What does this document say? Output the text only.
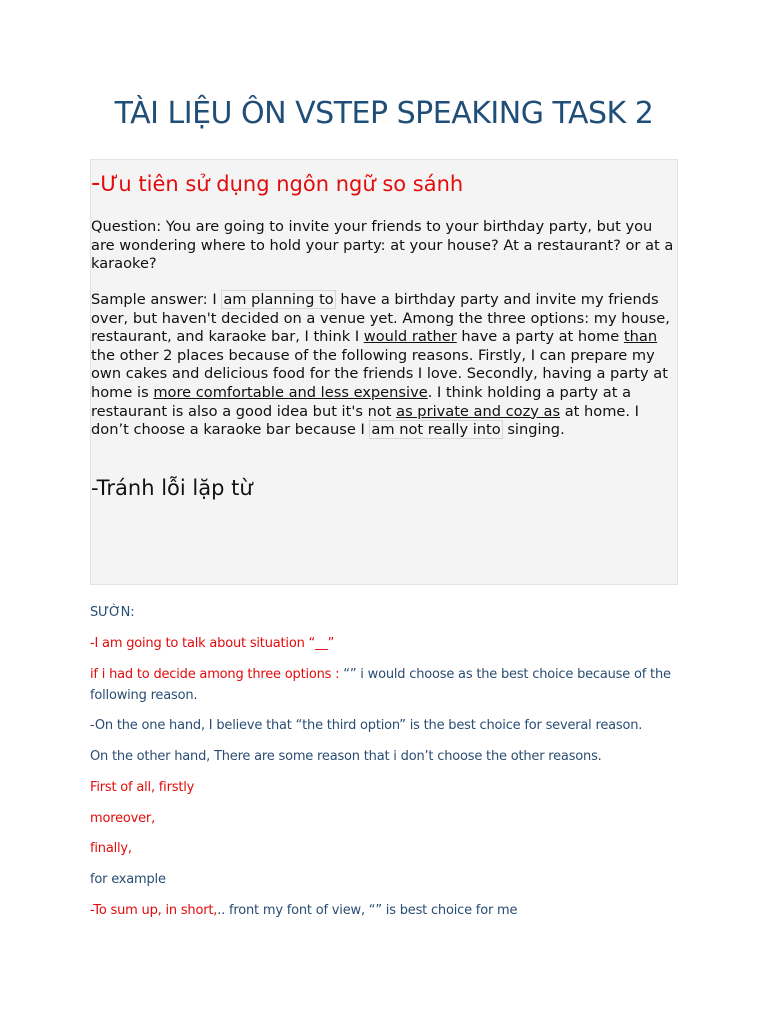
TÀI LIỆU ÔN VSTEP SPEAKING TASK 2
-Ưu tiên sử dụng ngôn ngữ so sánh
Question: You are going to invite your friends to your birthday party, but you are wondering where to hold your party: at your house? At a restaurant? or at a karaoke?
Sample answer: I am planning to have a birthday party and invite my friends over, but haven't decided on a venue yet. Among the three options: my house, restaurant, and karaoke bar, I think I would rather have a party at home than the other 2 places because of the following reasons. Firstly, I can prepare my own cakes and delicious food for the friends I love. Secondly, having a party at home is more comfortable and less expensive. I think holding a party at a restaurant is also a good idea but it's not as private and cozy as at home. I don’t choose a karaoke bar because I am not really into singing.
-Tránh lỗi lặp từ
SƯỜN:
-I am going to talk about situation “__”
if i had to decide among three options : “” i would choose as the best choice because of the
following reason.
-On the one hand, I believe that “the third option” is the best choice for several reason.
On the other hand, There are some reason that i don’t choose the other reasons.
First of all, firstly
moreover,
finally,
for example
-To sum up, in short,.. front my font of view, “” is best choice for me
